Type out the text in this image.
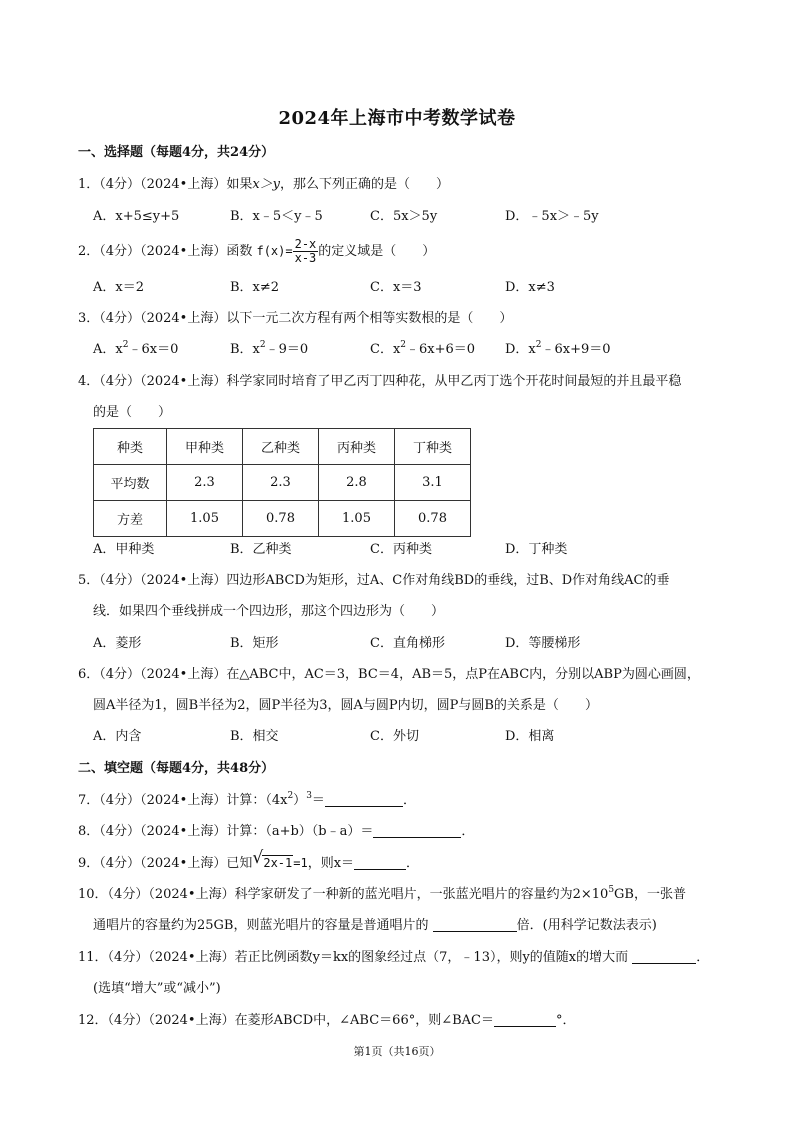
2024年上海市中考数学试卷
一、选择题（每题4分，共24分）
1．（4分）（2024•上海）如果x＞y，那么下列正确的是（　　）
A．x+5≤y+5	B．x﹣5＜y﹣5	C．5x＞5y	D．﹣5x＞﹣5y
2．（4分）（2024•上海）函数 $f(x)= \frac{2-x}{x-3}$ 的定义域是（　　）
A．x＝2	B．x≠2	C．x＝3	D．x≠3
3．（4分）（2024•上海）以下一元二次方程有两个相等实数根的是（　　）
A．$x^2﹣6x=0$	B．$x^2﹣9=0$	C．$x^2﹣6x+6=0$ D．$x^2﹣6x+9=0$
4．（4分）（2024•上海）科学家同时培育了甲乙丙丁四种花，从甲乙丙丁选个开花时间最短的并且最平稳
的是（　　）
种类	甲种类	乙种类	丙种类	丁种类
平均数	2.3	2.3	2.8	3.1
方差	1.05	0.78	1.05	0.78
A．甲种类	B．乙种类	C．丙种类	D．丁种类
5．（4分）（2024•上海）四边形ABCD为矩形，过A、C作对角线BD的垂线，过B、D作对角线AC的垂
线．如果四个垂线拼成一个四边形，那这个四边形为（　　）
A．菱形	B．矩形	C．直角梯形	D．等腰梯形
6．（4分）（2024•上海）在△ABC中，AC＝3，BC＝4，AB＝5，点P在ABC内，分别以ABP为圆心画圆，
圆A半径为1，圆B半径为2，圆P半径为3，圆A与圆P内切，圆P与圆B的关系是（　　）
A．内含	B．相交	C．外切	D．相离
二、填空题（每题4分，共48分）
7．（4分）（2024•上海）计算：$(4x^2)^3=$	．
8．（4分）（2024•上海）计算：（a+b）（b﹣a）＝	．
9．（4分）（2024•上海）已知 √ 2x-1=1，则x＝	．
10．（4分）（2024•上海）科学家研发了一种新的蓝光唱片，一张蓝光唱片的容量约为$2\times 10^5GB$，一张普
通唱片的容量约为25GB，则蓝光唱片的容量是普通唱片的	倍．(用科学记数法表示)
11．（4分）（2024•上海）若正比例函数y＝kx的图象经过点（7，﹣13），则y的值随x的增大而	．
(选填“增大”或“减小”)
12．（4分）（2024•上海）在菱形ABCD中，∠ABC＝66°，则∠BAC＝	°．
第1页（共16页）
